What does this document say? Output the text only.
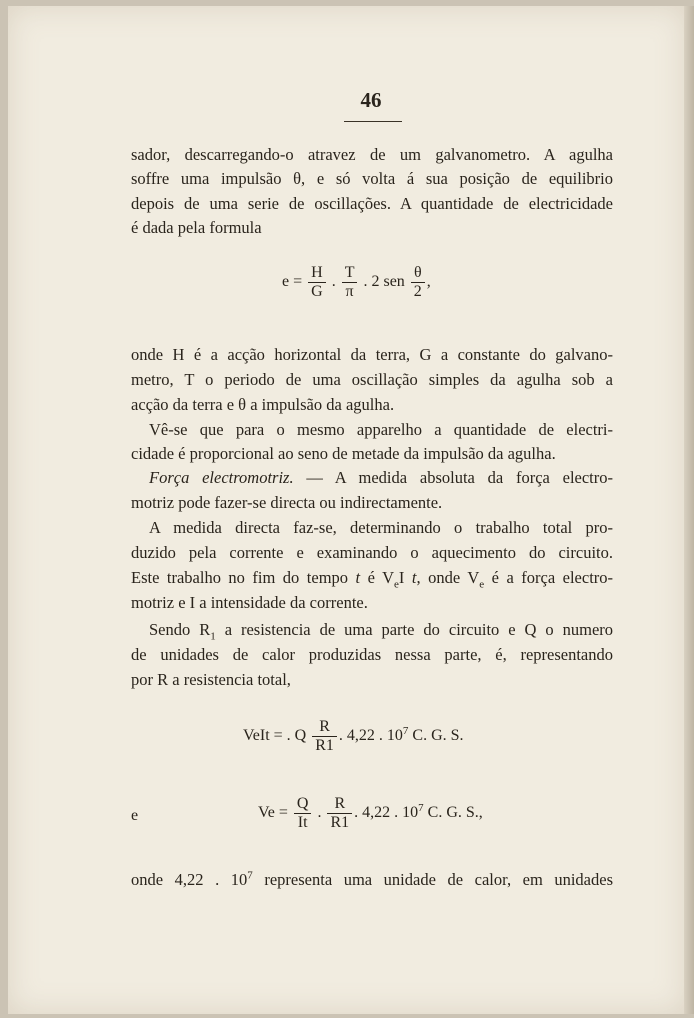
46
sador, descarregando-o atravez de um galvanometro. A agulha
soffre uma impulsão θ, e só volta á sua posição de equilibrio
depois de uma serie de oscillações. A quantidade de electricidade
é dada pela formula
$e = \frac{H}{G}$ . $\frac{T}{\pi}$ . 2 sen $\frac{\theta}{2}$ ,
onde H é a acção horizontal da terra, G a constante do galvano-
metro, T o periodo de uma oscillação simples da agulha sob a
acção da terra e θ a impulsão da agulha.
Vê-se que para o mesmo apparelho a quantidade de electri-
cidade é proporcional ao seno de metade da impulsão da agulha.
Força electromotriz. — A medida absoluta da força electro-
motriz pode fazer-se directa ou indirectamente.
A medida directa faz-se, determinando o trabalho total pro-
duzido pela corrente e examinando o aquecimento do circuito.
Este trabalho no fim do tempo t é $V_eI$ t, onde $V_e$ é a força electro-
motriz e I a intensidade da corrente.
Sendo $R_1$ a resistencia de uma parte do circuito e Q o numero
de unidades de calor produzidas nessa parte, é, representando
por R a resistencia total,
VeIt = . Q $\frac{R}{R1}$ . 4,22 . $10^7$ C. G. S.
e	$Ve = \frac{Q}{It}$ . $\frac{R}{R1}$ . 4,22 . $10^7$ C. G. S.,
onde 4,22 . $10^7$ representa uma unidade de calor, em unidades
